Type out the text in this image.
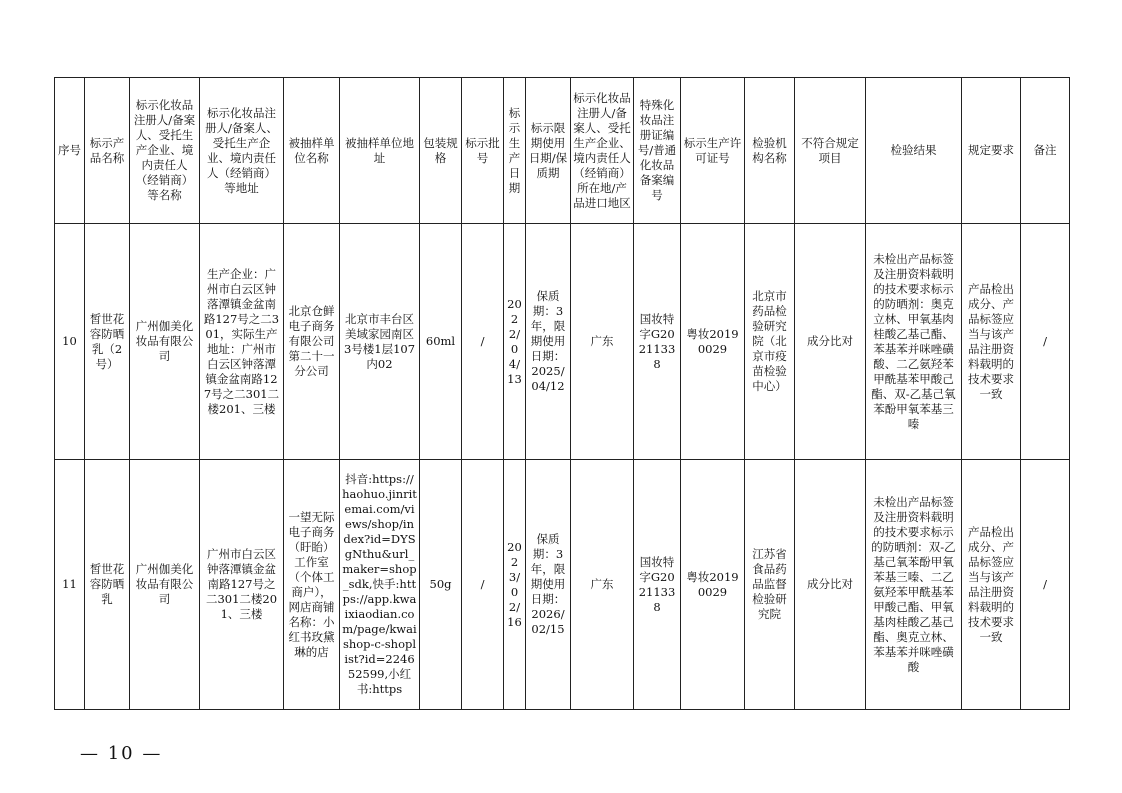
序号	标示产品名称	标示化妆品注册人/备案人、受托生产企业、境内责任人（经销商）等名称	标示化妆品注册人/备案人、受托生产企业、境内责任人（经销商）等地址	被抽样单位名称	被抽样单位地址	包装规格	标示批号	标示生产日期	标示限期使用日期/保质期	标示化妆品注册人/备案人、受托生产企业、境内责任人（经销商）所在地/产品进口地区	特殊化妆品注册证编号/普通化妆品备案编号	标示生产许可证号	检验机构名称	不符合规定项目	检验结果	规定要求	备注
10	皙世花容防晒乳（2号）	广州伽美化妆品有限公司	生产企业：广州市白云区钟落潭镇金盆南路127号之二301，实际生产地址：广州市白云区钟落潭镇金盆南路127号之二301二楼201、三楼	北京仓鲜电子商务有限公司第二十一分公司	北京市丰台区美域家园南区3号楼1层107内02	60ml	/	2022/04/13	保质期：3年，限期使用日期：2025/04/12	广东	国妆特字G20211338	粤妆20190029	北京市药品检验研究院（北京市疫苗检验中心）	成分比对	未检出产品标签及注册资料载明的技术要求标示的防晒剂：奥克立林、甲氧基肉桂酸乙基己酯、苯基苯并咪唑磺酸、二乙氨羟苯甲酰基苯甲酸己酯、双-乙基己氧苯酚甲氧苯基三嗪	产品检出成分、产品标签应当与该产品注册资料载明的技术要求一致	/
11	皙世花容防晒乳	广州伽美化妆品有限公司	广州市白云区钟落潭镇金盆南路127号之二301二楼201、三楼	一望无际电子商务（盱眙）工作室（个体工商户），网店商铺名称：小红书玫黛琳的店	抖音:https://haohuo.jinritemai.com/views/shop/index?id=DYSgNthu&url_maker=shop_sdk,快手:https://app.kwaixiaodian.com/page/kwaishop-c-shoplist?id=224652599,小红书:https	50g	/	2023/02/16	保质期：3年，限期使用日期：2026/02/15	广东	国妆特字G20211338	粤妆20190029	江苏省食品药品监督检验研究院	成分比对	未检出产品标签及注册资料载明的技术要求标示的防晒剂：双-乙基己氧苯酚甲氧苯基三嗪、二乙氨羟苯甲酰基苯甲酸己酯、甲氧基肉桂酸乙基己酯、奥克立林、苯基苯并咪唑磺酸	产品检出成分、产品标签应当与该产品注册资料载明的技术要求一致	/
— 10 —
